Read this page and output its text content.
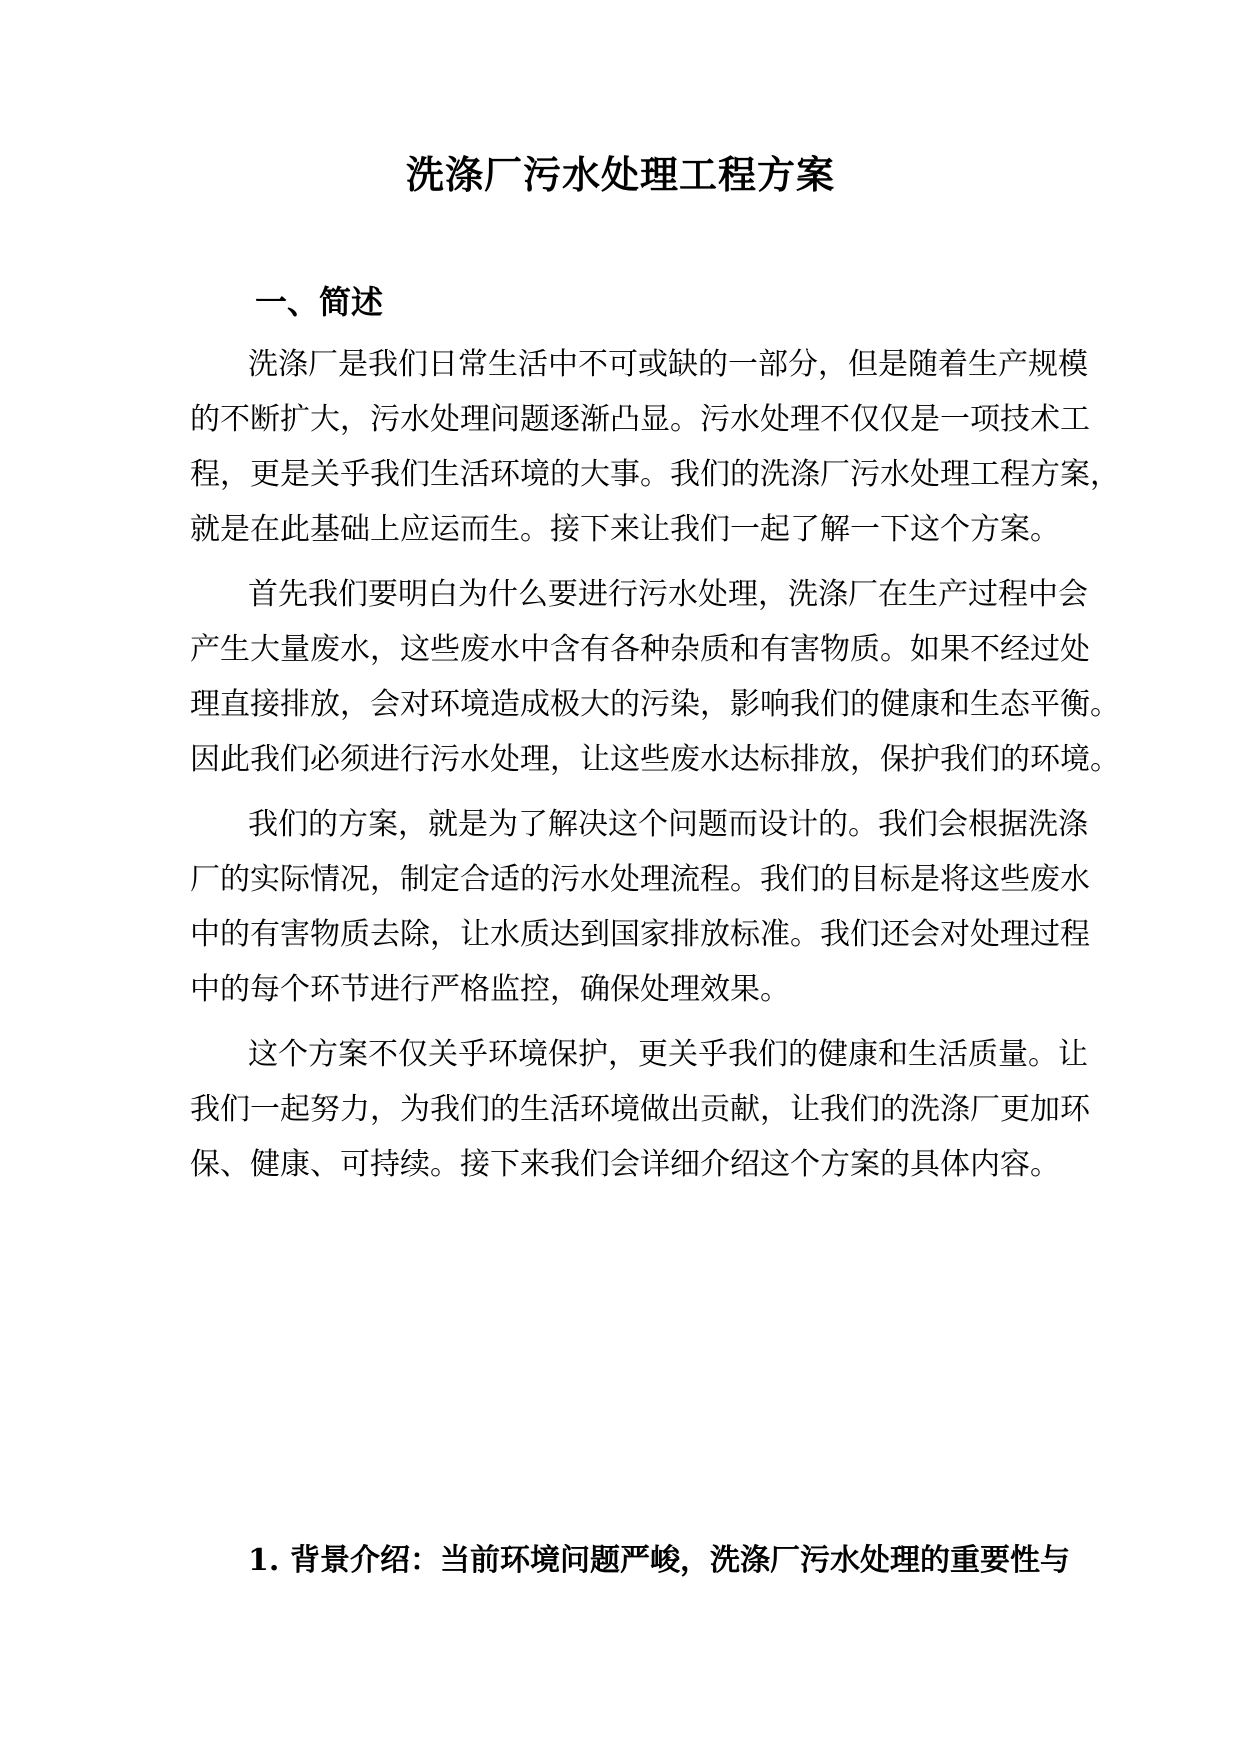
洗涤厂污水处理工程方案
一、简述

洗涤厂是我们日常生活中不可或缺的一部分，但是随着生产规模

的不断扩大，污水处理问题逐渐凸显。污水处理不仅仅是一项技术工

程，更是关乎我们生活环境的大事。我们的洗涤厂污水处理工程方案，

就是在此基础上应运而生。接下来让我们一起了解一下这个方案。

首先我们要明白为什么要进行污水处理，洗涤厂在生产过程中会

产生大量废水，这些废水中含有各种杂质和有害物质。如果不经过处

理直接排放，会对环境造成极大的污染，影响我们的健康和生态平衡。

因此我们必须进行污水处理，让这些废水达标排放，保护我们的环境。

我们的方案，就是为了解决这个问题而设计的。我们会根据洗涤

厂的实际情况，制定合适的污水处理流程。我们的目标是将这些废水

中的有害物质去除，让水质达到国家排放标准。我们还会对处理过程

中的每个环节进行严格监控，确保处理效果。

这个方案不仅关乎环境保护，更关乎我们的健康和生活质量。让

我们一起努力，为我们的生活环境做出贡献，让我们的洗涤厂更加环

保、健康、可持续。接下来我们会详细介绍这个方案的具体内容。

1. 背景介绍：当前环境问题严峻，洗涤厂污水处理的重要性与
